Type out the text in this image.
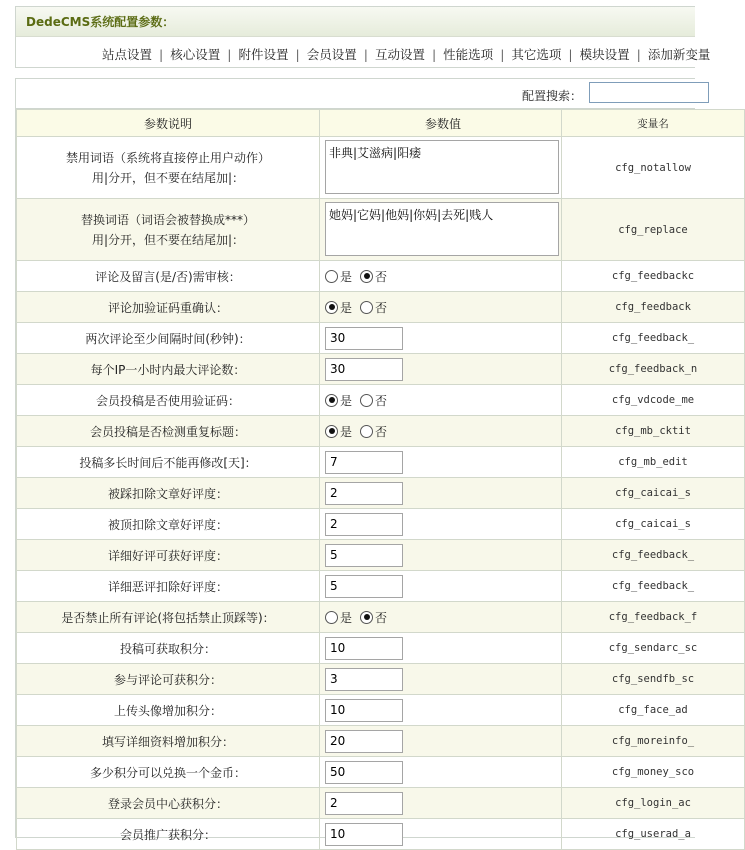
DedeCMS系统配置参数：
站点设置 | 核心设置 | 附件设置 | 会员设置 | 互动设置 | 性能选项 | 其它选项 | 模块设置 | 添加新变量
配置搜索：
参数说明	参数值	变量名

禁用词语（系统将直接停止用户动作）
用|分开，但不要在结尾加|：
	非典|艾滋病|阳痿	cfg_notallow

替换词语（词语会被替换成***）
用|分开，但不要在结尾加|：
	她妈|它妈|他妈|你妈|去死|贱人	cfg_replace
评论及留言(是/否)需审核：	是 否	cfg_feedbackc
评论加验证码重确认：	是 否	cfg_feedback
两次评论至少间隔时间(秒钟)：	30	cfg_feedback_
每个IP一小时内最大评论数：	30	cfg_feedback_n
会员投稿是否使用验证码：	是 否	cfg_vdcode_me
会员投稿是否检测重复标题：	是 否	cfg_mb_cktit
投稿多长时间后不能再修改[天]：	7	cfg_mb_edit
被踩扣除文章好评度：	2	cfg_caicai_s
被顶扣除文章好评度：	2	cfg_caicai_s
详细好评可获好评度：	5	cfg_feedback_
详细恶评扣除好评度：	5	cfg_feedback_
是否禁止所有评论(将包括禁止顶踩等)：	是 否	cfg_feedback_f
投稿可获取积分：	10	cfg_sendarc_sc
参与评论可获积分：	3	cfg_sendfb_sc
上传头像增加积分：	10	cfg_face_ad
填写详细资料增加积分：	20	cfg_moreinfo_
多少积分可以兑换一个金币：	50	cfg_money_sco
登录会员中心获积分：	2	cfg_login_ac
会员推广获积分：	10	cfg_userad_a
